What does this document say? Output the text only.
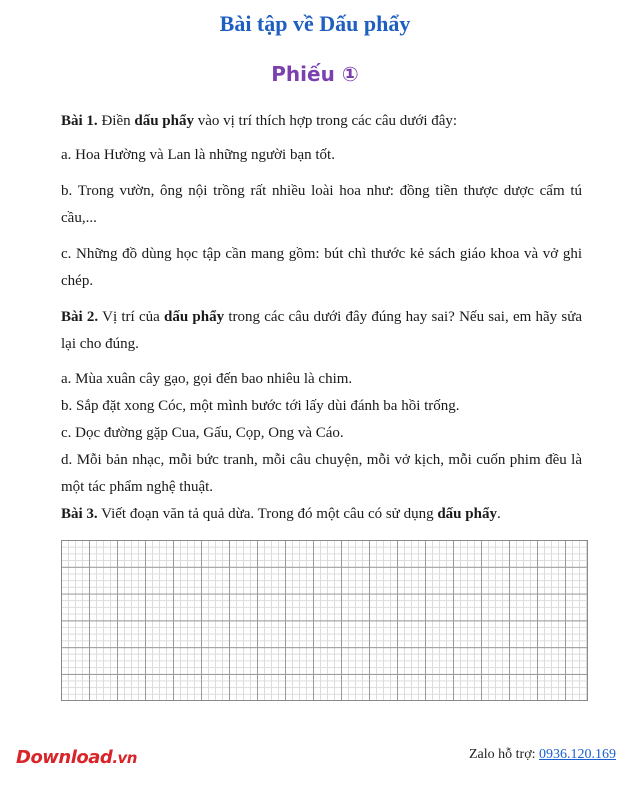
Bài tập về Dấu phẩy
Phiếu ①

Bài 1. Điền dấu phẩy vào vị trí thích hợp trong các câu dưới đây:

a. Hoa Hường và Lan là những người bạn tốt.

b. Trong vườn, ông nội trồng rất nhiều loài hoa như: đồng tiền thược dược cẩm tú cầu,...

c. Những đồ dùng học tập cần mang gồm: bút chì thước kẻ sách giáo khoa và vở ghi chép.

Bài 2. Vị trí của dấu phẩy trong các câu dưới đây đúng hay sai? Nếu sai, em hãy sửa lại cho đúng.

a. Mùa xuân cây gạo, gọi đến bao nhiêu là chim.

b. Sắp đặt xong Cóc, một mình bước tới lấy dùi đánh ba hồi trống.

c. Dọc đường gặp Cua, Gấu, Cọp, Ong và Cáo.

d. Mỗi bản nhạc, mỗi bức tranh, mỗi câu chuyện, mỗi vở kịch, mỗi cuốn phim đều là một tác phẩm nghệ thuật.

Bài 3. Viết đoạn văn tả quả dừa. Trong đó một câu có sử dụng dấu phẩy.

Download.vn	Zalo hỗ trợ: 0936.120.169
